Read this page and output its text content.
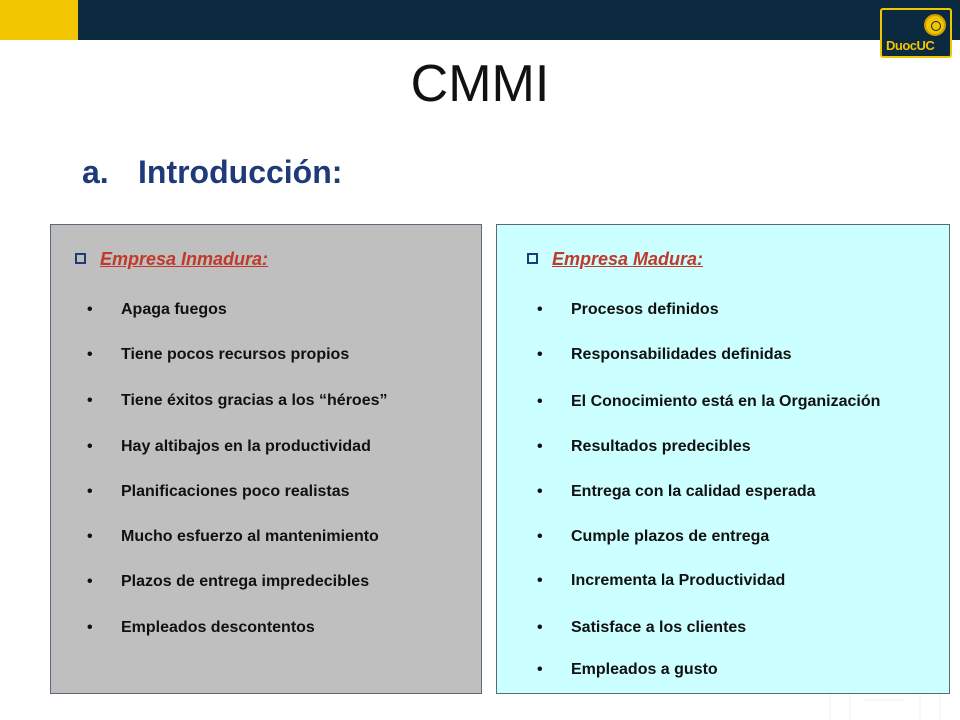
DuocUC
CMMI
a. Introducción:
Empresa Inmadura:
• Apaga fuegos
• Tiene pocos recursos propios
• Tiene éxitos gracias a los “héroes”
• Hay altibajos en la productividad
• Planificaciones poco realistas
• Mucho esfuerzo al mantenimiento
• Plazos de entrega impredecibles
• Empleados descontentos
Empresa Madura:
• Procesos definidos
• Responsabilidades definidas
• El Conocimiento está en la Organización
• Resultados predecibles
• Entrega con la calidad esperada
• Cumple plazos de entrega
• Incrementa la Productividad
• Satisface a los clientes
• Empleados a gusto
